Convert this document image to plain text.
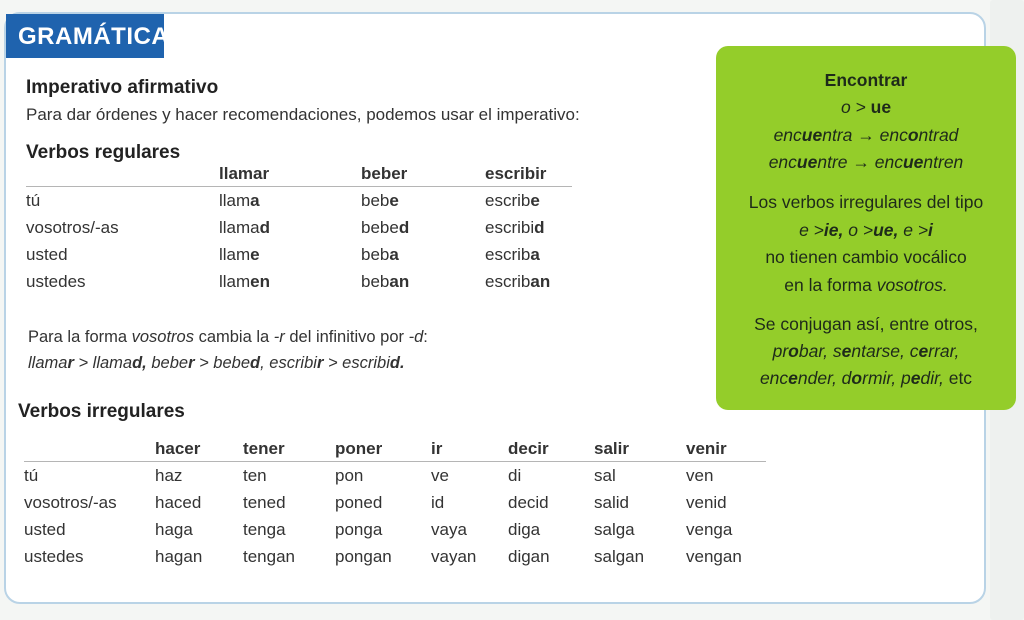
GRAMÁTICA
Imperativo afirmativo
Para dar órdenes y hacer recomendaciones, podemos usar el imperativo:
Verbos regulares
	llamar	beber	escribir
tú	llama	bebe	escribe
vosotros/-as	llamad	bebed	escribid
usted	llame	beba	escriba
ustedes	llamen	beban	escriban
Para la forma vosotros cambia la -r del infinitivo por -d:
llamar > llamad, beber > bebed, escribir > escribid.
Verbos irregulares
	hacer	tener	poner	ir	decir	salir	venir
tú	haz	ten	pon	ve	di	sal	ven
vosotros/-as	haced	tened	poned	id	decid	salid	venid
usted	haga	tenga	ponga	vaya	diga	salga	venga
ustedes	hagan	tengan	pongan	vayan	digan	salgan	vengan
Encontrar
o > ue
encuentra → encontrad
encuentre → encuentren
Los verbos irregulares del tipo
e >ie, o >ue, e >i
no tienen cambio vocálico
en la forma vosotros.
Se conjugan así, entre otros,
probar, sentarse, cerrar,
encender, dormir, pedir, etc
